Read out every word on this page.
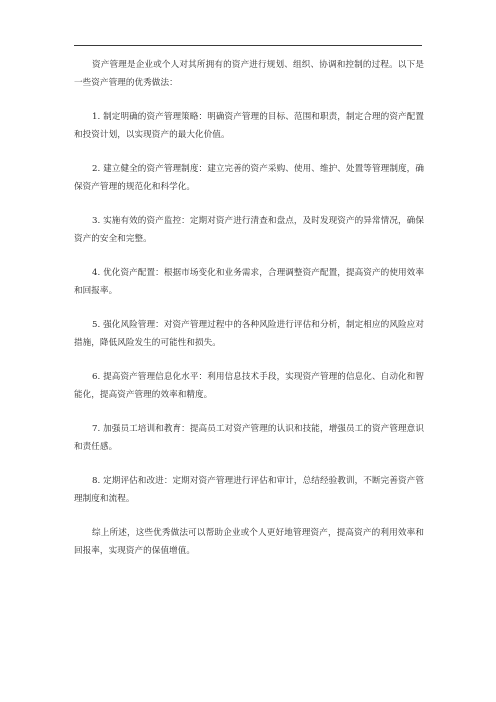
资产管理是企业或个人对其所拥有的资产进行规划、组织、协调和控制的过程。以下是一些资产管理的优秀做法：

1. 制定明确的资产管理策略：明确资产管理的目标、范围和职责，制定合理的资产配置和投资计划，以实现资产的最大化价值。

2. 建立健全的资产管理制度：建立完善的资产采购、使用、维护、处置等管理制度，确保资产管理的规范化和科学化。

3. 实施有效的资产监控：定期对资产进行清查和盘点，及时发现资产的异常情况，确保资产的安全和完整。

4. 优化资产配置：根据市场变化和业务需求，合理调整资产配置，提高资产的使用效率和回报率。

5. 强化风险管理：对资产管理过程中的各种风险进行评估和分析，制定相应的风险应对措施，降低风险发生的可能性和损失。

6. 提高资产管理信息化水平：利用信息技术手段，实现资产管理的信息化、自动化和智能化，提高资产管理的效率和精度。

7. 加强员工培训和教育：提高员工对资产管理的认识和技能，增强员工的资产管理意识和责任感。

8. 定期评估和改进：定期对资产管理进行评估和审计，总结经验教训，不断完善资产管理制度和流程。

综上所述，这些优秀做法可以帮助企业或个人更好地管理资产，提高资产的利用效率和回报率，实现资产的保值增值。
